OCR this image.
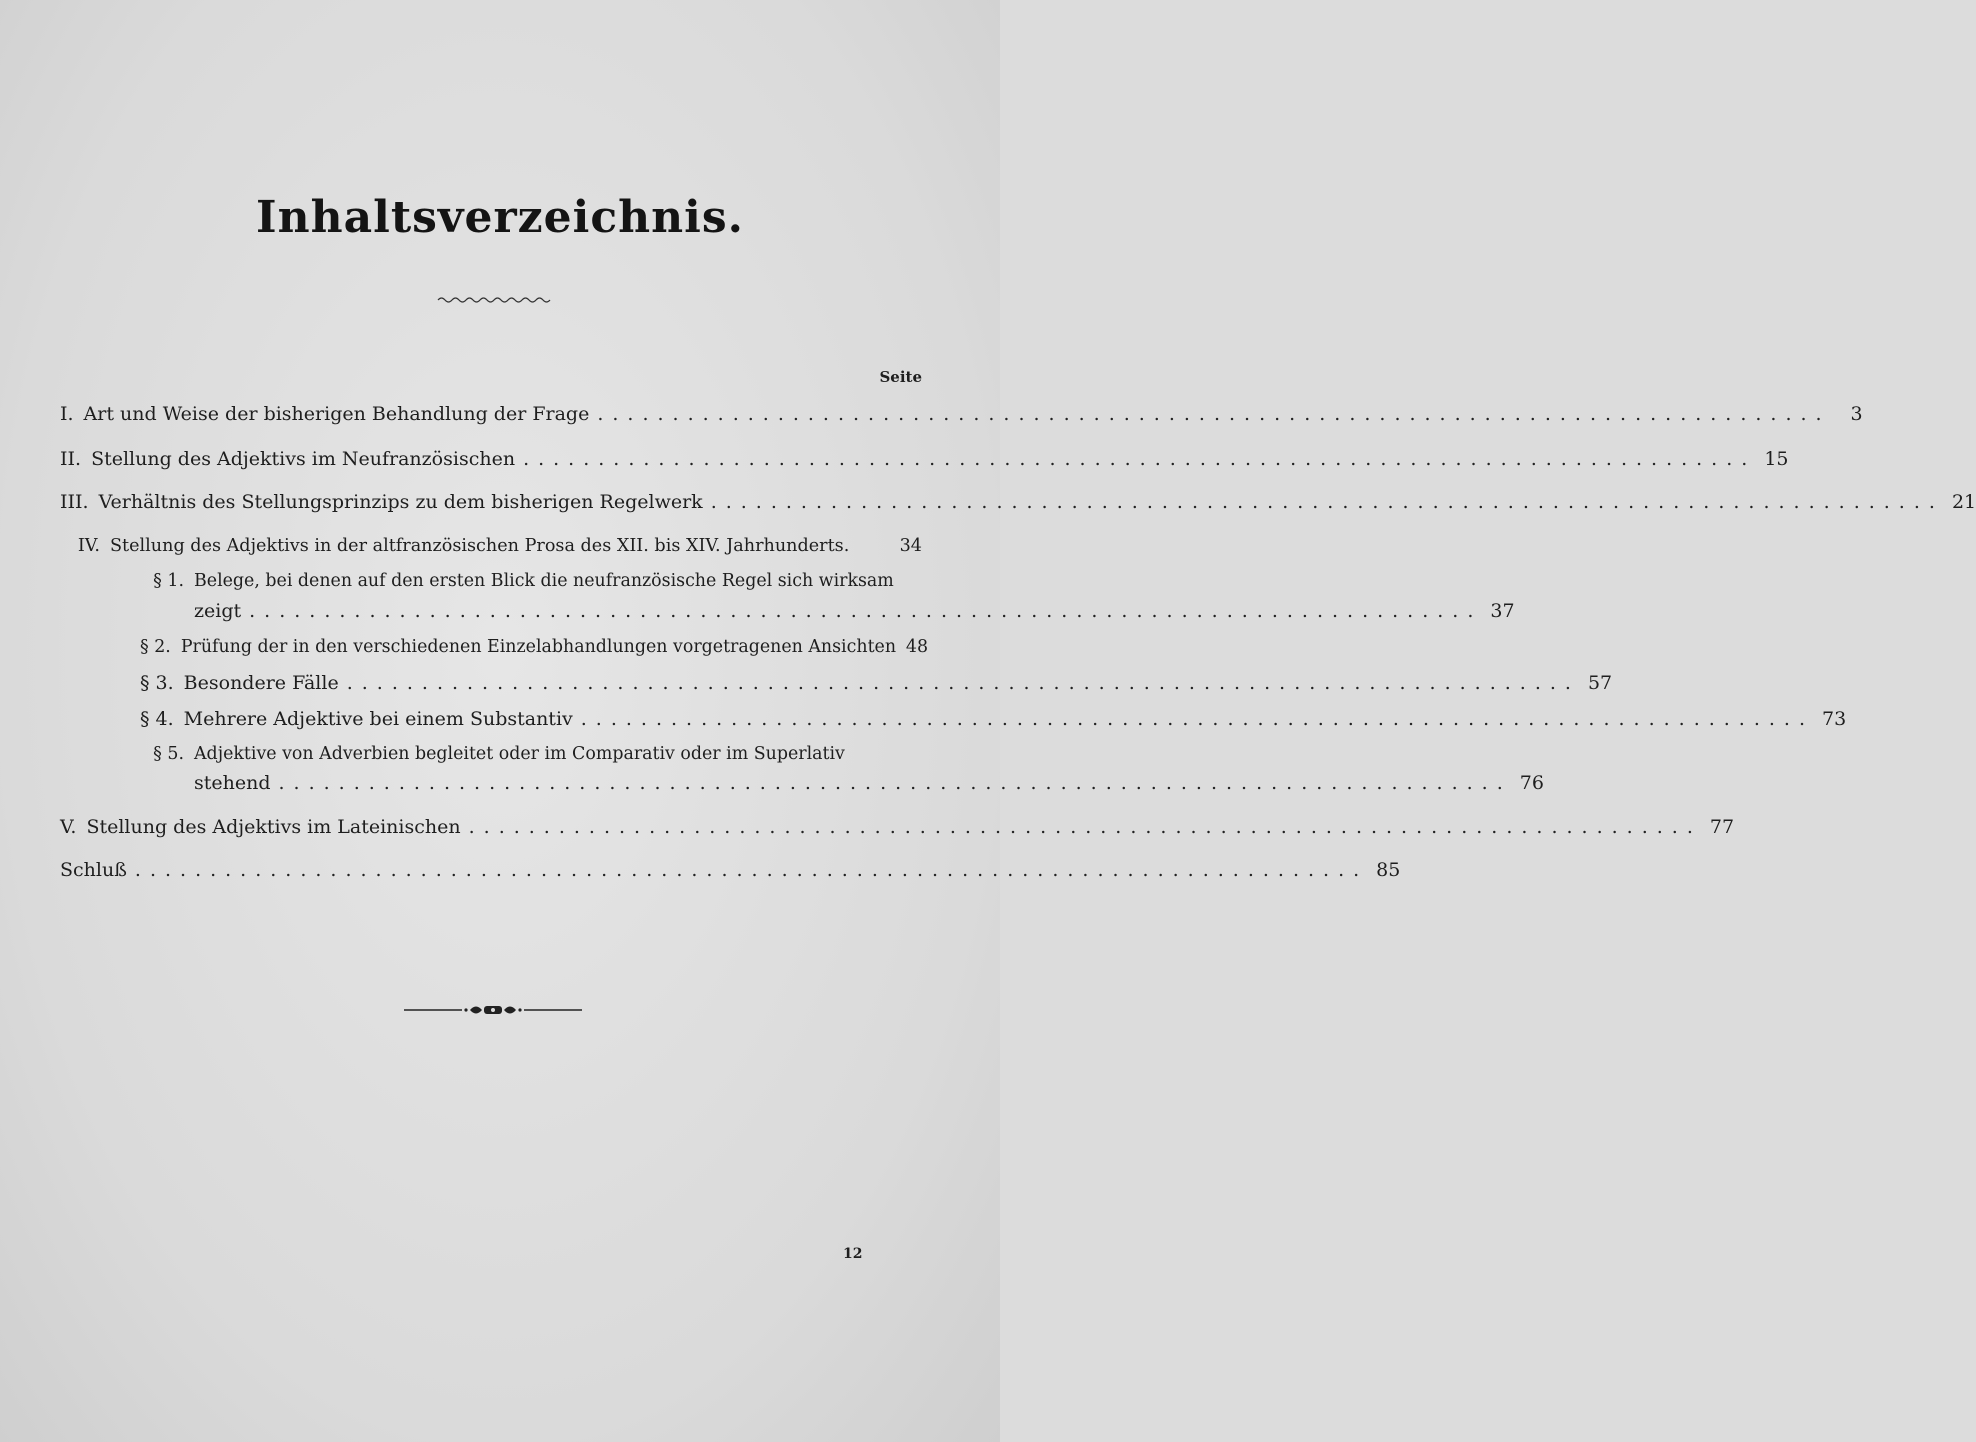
Inhaltsverzeichnis.
Seite
I. Art und Weise der bisherigen Behandlung der Frage ..................................................................................	3
II. Stellung des Adjektivs im Neufranzösischen .................................................................................. 15
III. Verhältnis des Stellungsprinzips zu dem bisherigen Regelwerk .................................................................................. 21
IV. Stellung des Adjektivs in der altfranzösischen Prosa des XII. bis XIV. Jahrhunderts.	34
§ 1. Belege, bei denen auf den ersten Blick die neufranzösische Regel sich wirksam
zeigt .................................................................................. 37
§ 2. Prüfung der in den verschiedenen Einzelabhandlungen vorgetragenen Ansichten 48
§ 3. Besondere Fälle .................................................................................. 57
§ 4. Mehrere Adjektive bei einem Substantiv .................................................................................. 73
§ 5. Adjektive von Adverbien begleitet oder im Comparativ oder im Superlativ
stehend .................................................................................. 76
V. Stellung des Adjektivs im Lateinischen .................................................................................. 77
Schluß .................................................................................. 85
12
